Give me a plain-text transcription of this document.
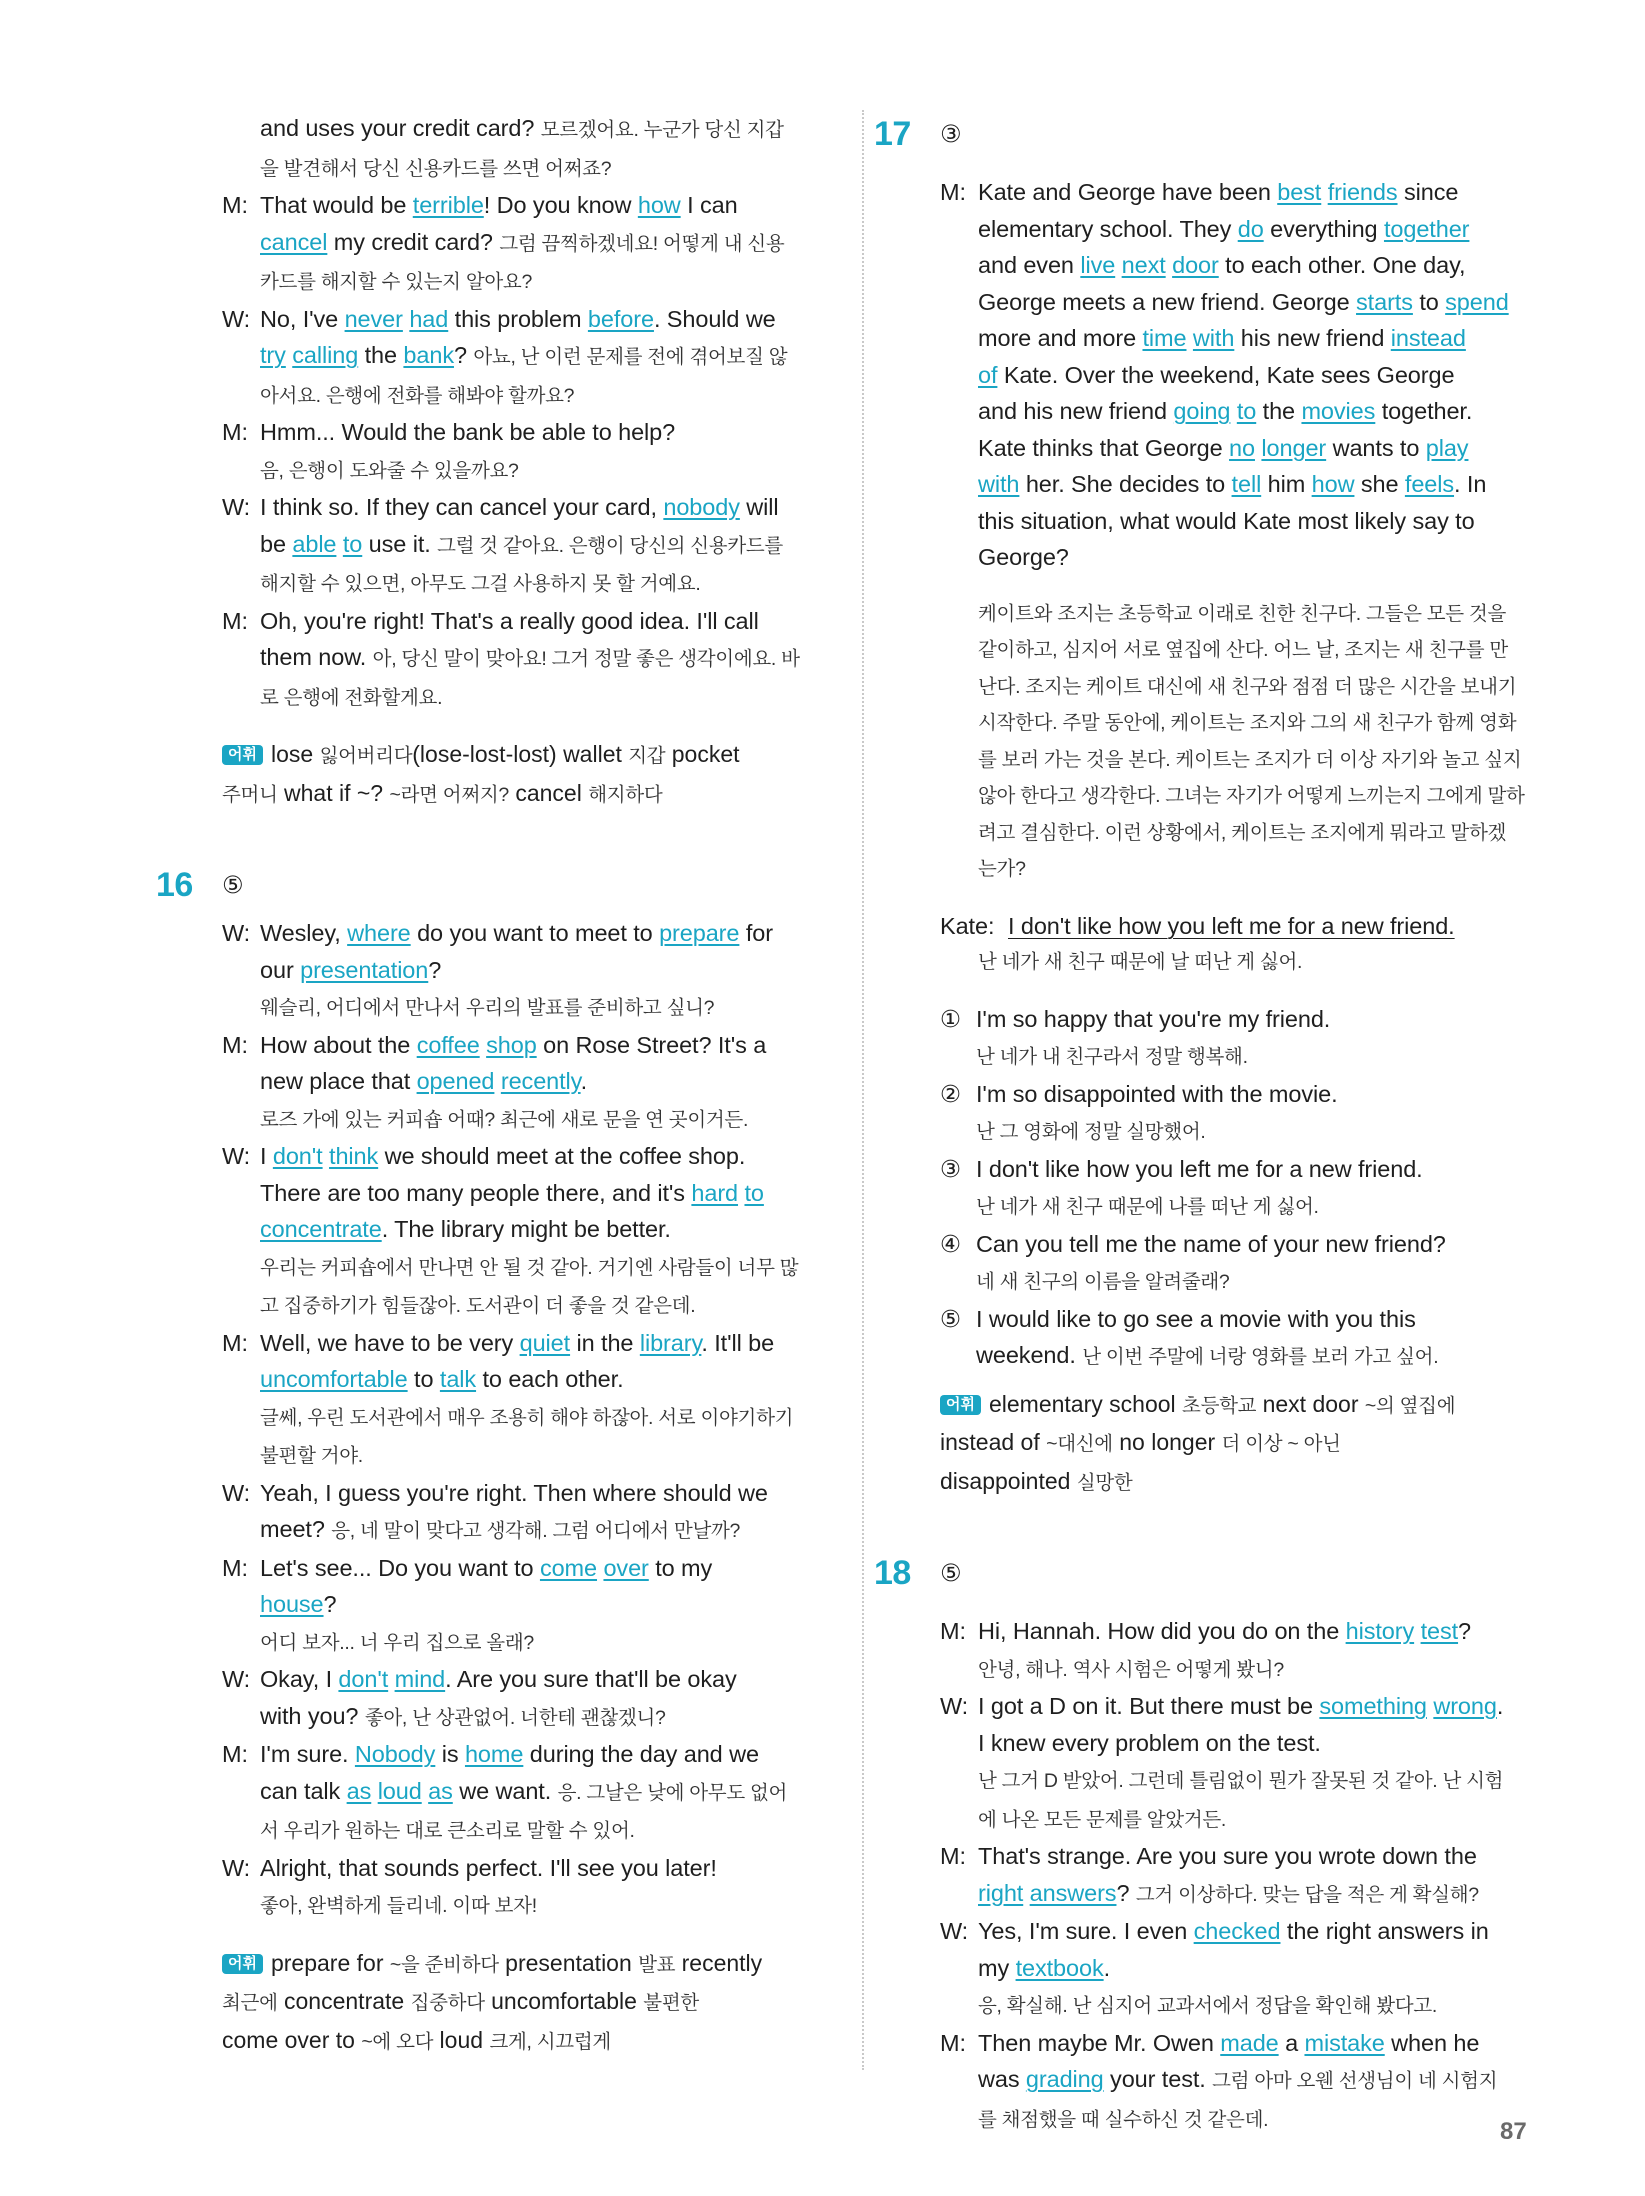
and uses your credit card? 모르겠어요. 누군가 당신 지갑
을 발견해서 당신 신용카드를 쓰면 어쩌죠?
M: That would be terrible! Do you know how I can
cancel my credit card? 그럼 끔찍하겠네요! 어떻게 내 신용
카드를 해지할 수 있는지 알아요?
W: No, I've never had this problem before. Should we
try calling the bank? 아뇨, 난 이런 문제를 전에 겪어보질 않
아서요. 은행에 전화를 해봐야 할까요?
M: Hmm... Would the bank be able to help?
음, 은행이 도와줄 수 있을까요?
W: I think so. If they can cancel your card, nobody will
be able to use it. 그럴 것 같아요. 은행이 당신의 신용카드를
해지할 수 있으면, 아무도 그걸 사용하지 못 할 거예요.
M: Oh, you're right! That's a really good idea. I'll call
them now. 아, 당신 말이 맞아요! 그거 정말 좋은 생각이에요. 바
로 은행에 전화할게요.
어휘 lose 잃어버리다(lose-lost-lost) wallet 지갑 pocket
주머니 what if ~? ~라면 어쩌지? cancel 해지하다
16	⑤
W: Wesley, where do you want to meet to prepare for
our presentation?
웨슬리, 어디에서 만나서 우리의 발표를 준비하고 싶니?
M: How about the coffee shop on Rose Street? It's a
new place that opened recently.
로즈 가에 있는 커피숍 어때? 최근에 새로 문을 연 곳이거든.
W: I don't think we should meet at the coffee shop.
There are too many people there, and it's hard to
concentrate. The library might be better.
우리는 커피숍에서 만나면 안 될 것 같아. 거기엔 사람들이 너무 많
고 집중하기가 힘들잖아. 도서관이 더 좋을 것 같은데.
M: Well, we have to be very quiet in the library. It'll be
uncomfortable to talk to each other.
글쎄, 우린 도서관에서 매우 조용히 해야 하잖아. 서로 이야기하기
불편할 거야.
W: Yeah, I guess you're right. Then where should we
meet? 응, 네 말이 맞다고 생각해. 그럼 어디에서 만날까?
M: Let's see... Do you want to come over to my
house?
어디 보자... 너 우리 집으로 올래?
W: Okay, I don't mind. Are you sure that'll be okay
with you? 좋아, 난 상관없어. 너한테 괜찮겠니?
M: I'm sure. Nobody is home during the day and we
can talk as loud as we want. 응. 그날은 낮에 아무도 없어
서 우리가 원하는 대로 큰소리로 말할 수 있어.
W: Alright, that sounds perfect. I'll see you later!
좋아, 완벽하게 들리네. 이따 보자!
어휘 prepare for ~을 준비하다 presentation 발표 recently
최근에 concentrate 집중하다 uncomfortable 불편한
come over to ~에 오다 loud 크게, 시끄럽게
17	③
M: Kate and George have been best friends since
elementary school. They do everything together
and even live next door to each other. One day,
George meets a new friend. George starts to spend
more and more time with his new friend instead
of Kate. Over the weekend, Kate sees George
and his new friend going to the movies together.
Kate thinks that George no longer wants to play
with her. She decides to tell him how she feels. In
this situation, what would Kate most likely say to
George?
케이트와 조지는 초등학교 이래로 친한 친구다. 그들은 모든 것을
같이하고, 심지어 서로 옆집에 산다. 어느 날, 조지는 새 친구를 만
난다. 조지는 케이트 대신에 새 친구와 점점 더 많은 시간을 보내기
시작한다. 주말 동안에, 케이트는 조지와 그의 새 친구가 함께 영화
를 보러 가는 것을 본다. 케이트는 조지가 더 이상 자기와 놀고 싶지
않아 한다고 생각한다. 그녀는 자기가 어떻게 느끼는지 그에게 말하
려고 결심한다. 이런 상황에서, 케이트는 조지에게 뭐라고 말하겠
는가?
Kate: I don't like how you left me for a new friend.
난 네가 새 친구 때문에 날 떠난 게 싫어.
① I'm so happy that you're my friend.
난 네가 내 친구라서 정말 행복해.
② I'm so disappointed with the movie.
난 그 영화에 정말 실망했어.
③ I don't like how you left me for a new friend.
난 네가 새 친구 때문에 나를 떠난 게 싫어.
④ Can you tell me the name of your new friend?
네 새 친구의 이름을 알려줄래?
⑤ I would like to go see a movie with you this
weekend. 난 이번 주말에 너랑 영화를 보러 가고 싶어.
어휘 elementary school 초등학교 next door ~의 옆집에
instead of ~대신에 no longer 더 이상 ~ 아닌
disappointed 실망한
18	⑤
M: Hi, Hannah. How did you do on the history test?
안녕, 해나. 역사 시험은 어떻게 봤니?
W: I got a D on it. But there must be something wrong.
I knew every problem on the test.
난 그거 D 받았어. 그런데 틀림없이 뭔가 잘못된 것 같아. 난 시험
에 나온 모든 문제를 알았거든.
M: That's strange. Are you sure you wrote down the
right answers? 그거 이상하다. 맞는 답을 적은 게 확실해?
W: Yes, I'm sure. I even checked the right answers in
my textbook.
응, 확실해. 난 심지어 교과서에서 정답을 확인해 봤다고.
M: Then maybe Mr. Owen made a mistake when he
was grading your test. 그럼 아마 오웬 선생님이 네 시험지
를 채점했을 때 실수하신 것 같은데.	87
